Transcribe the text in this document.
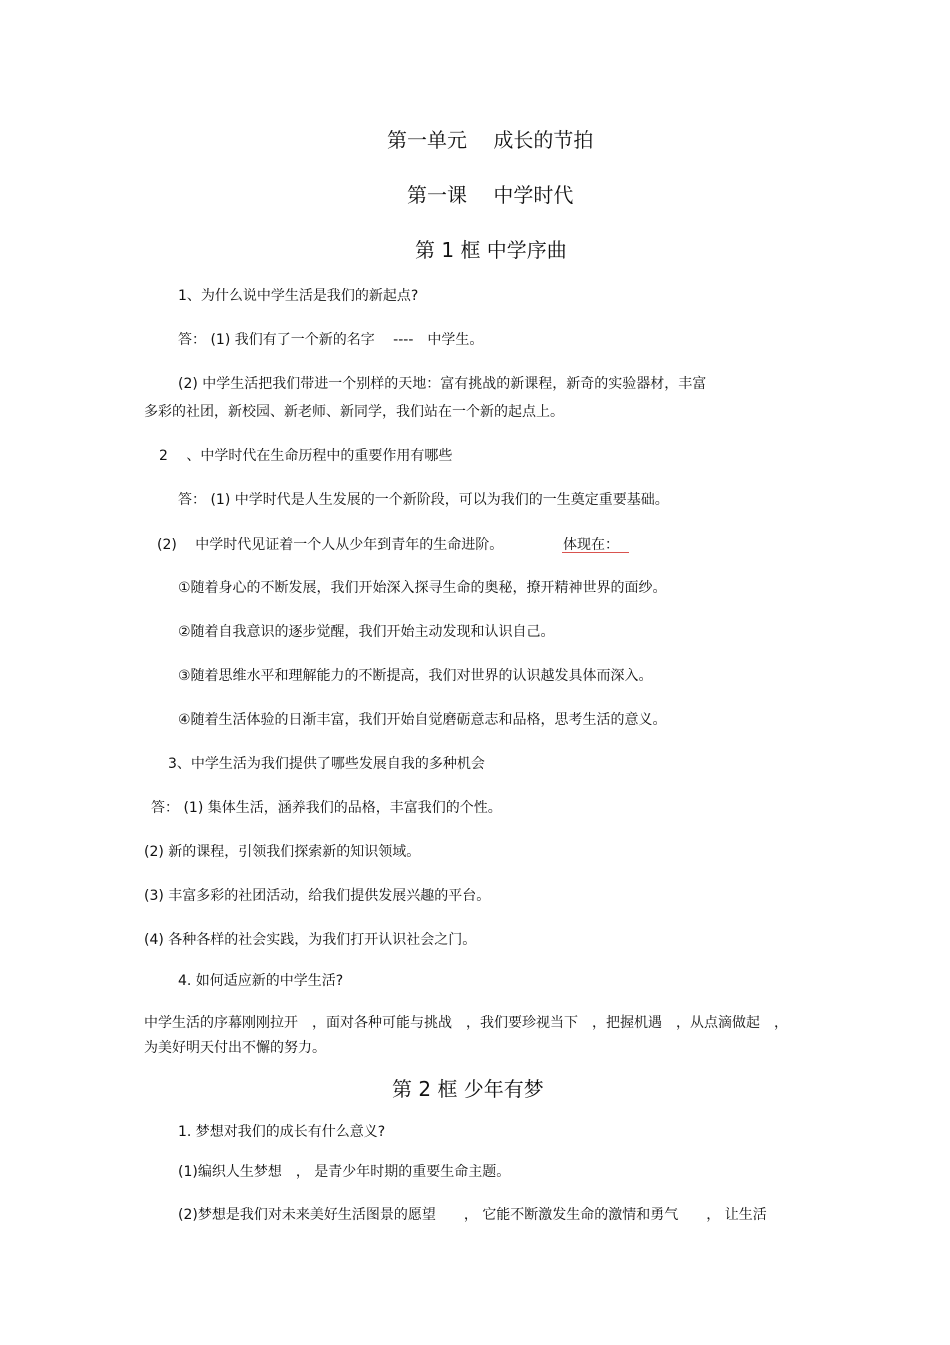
第一单元　 成长的节拍
第一课　 中学时代
第 1 框 中学序曲
1、为什么说中学生活是我们的新起点?
答： (1) 我们有了一个新的名字　 ----　中学生。
(2) 中学生活把我们带进一个别样的天地：富有挑战的新课程，新奇的实验器材，丰富
多彩的社团，新校园、新老师、新同学，我们站在一个新的起点上。
2　 、中学时代在生命历程中的重要作用有哪些
答： (1) 中学时代是人生发展的一个新阶段，可以为我们的一生奠定重要基础。
(2)　 中学时代见证着一个人从少年到青年的生命进阶。	体现在：
①随着身心的不断发展，我们开始深入探寻生命的奥秘，撩开精神世界的面纱。
②随着自我意识的逐步觉醒，我们开始主动发现和认识自己。
③随着思维水平和理解能力的不断提高，我们对世界的认识越发具体而深入。
④随着生活体验的日渐丰富，我们开始自觉磨砺意志和品格，思考生活的意义。
3、中学生活为我们提供了哪些发展自我的多种机会
答： (1) 集体生活，涵养我们的品格，丰富我们的个性。
(2) 新的课程，引领我们探索新的知识领域。
(3) 丰富多彩的社团活动，给我们提供发展兴趣的平台。
(4) 各种各样的社会实践，为我们打开认识社会之门。
4. 如何适应新的中学生活?
中学生活的序幕刚刚拉开　，面对各种可能与挑战　，我们要珍视当下　，把握机遇　，从点滴做起　，
为美好明天付出不懈的努力。
第 2 框 少年有梦
1. 梦想对我们的成长有什么意义?
(1)编织人生梦想　， 是青少年时期的重要生命主题。
(2)梦想是我们对未来美好生活图景的愿望　　， 它能不断激发生命的激情和勇气　　， 让生活
